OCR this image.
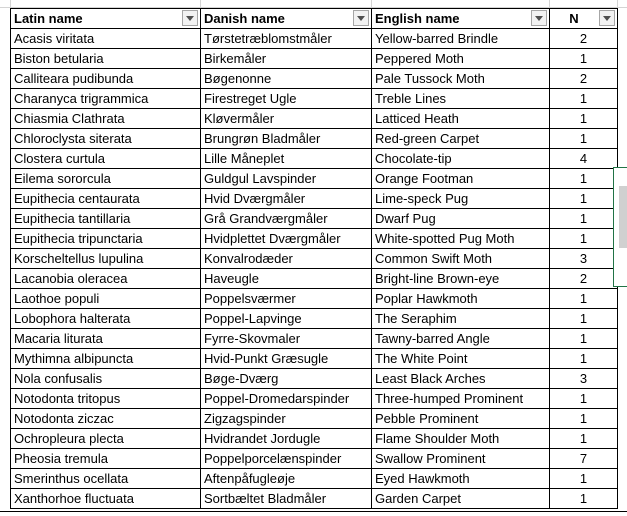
Latin name	Danish name	English name	N

Acasis viritata	Tørstetræblomstmåler	Yellow-barred Brindle	2
Biston betularia	Birkemåler	Peppered Moth	1
Calliteara pudibunda	Bøgenonne	Pale Tussock Moth	2
Charanyca trigrammica	Firestreget Ugle	Treble Lines	1
Chiasmia Clathrata	Kløvermåler	Latticed Heath	1
Chloroclysta siterata	Brungrøn Bladmåler	Red-green Carpet	1
Clostera curtula	Lille Måneplet	Chocolate-tip	4
Eilema sororcula	Guldgul Lavspinder	Orange Footman	1
Eupithecia centaurata	Hvid Dværgmåler	Lime-speck Pug	1
Eupithecia tantillaria	Grå Grandværgmåler	Dwarf Pug	1
Eupithecia tripunctaria	Hvidplettet Dværgmåler	White-spotted Pug Moth	1
Korscheltellus lupulina	Konvalrodæder	Common Swift Moth	3
Lacanobia oleracea	Haveugle	Bright-line Brown-eye	2
Laothoe populi	Poppelsværmer	Poplar Hawkmoth	1
Lobophora halterata	Poppel-Lapvinge	The Seraphim	1
Macaria liturata	Fyrre-Skovmaler	Tawny-barred Angle	1
Mythimna albipuncta	Hvid-Punkt Græsugle	The White Point	1
Nola confusalis	Bøge-Dværg	Least Black Arches	3
Notodonta tritopus	Poppel-Dromedarspinder	Three-humped Prominent	1
Notodonta ziczac	Zigzagspinder	Pebble Prominent	1
Ochropleura plecta	Hvidrandet Jordugle	Flame Shoulder Moth	1
Pheosia tremula	Poppelporcelænspinder	Swallow Prominent	7
Smerinthus ocellata	Aftenpåfugleøje	Eyed Hawkmoth	1
Xanthorhoe fluctuata	Sortbæltet Bladmåler	Garden Carpet	1
